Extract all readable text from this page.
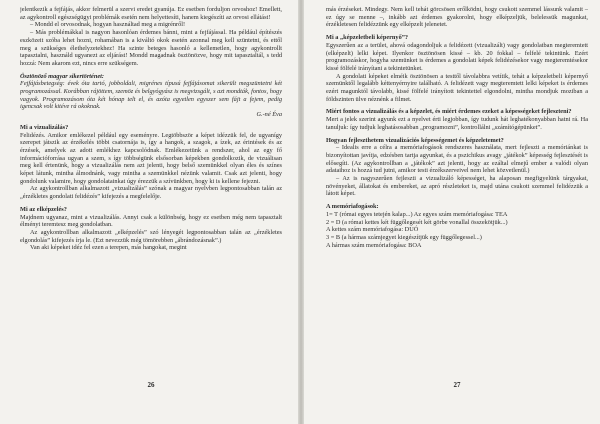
jelentkezik a fejfájás, akkor felmerül a szervi eredet gyanúja. Ez esetben forduljon orvoshoz! Emellett, az agykontroll egészségügyi problémák esetén nem helyettesíti, hanem kiegészíti az orvosi ellátást!

– Mondd el orvosodnak, hogyan használtad meg a migrénről!

– Más problémákkal is nagyon hasonlóan érdemes bánni, mint a fejfájással. Ha például építészés eszközeit szóba lehet hozni, rohamában is a kiváltó okok esetén azonnal meg kell szüntetni, és ettől meg a szükséges élethelyzetekhez! Ha szinte beteges hasonló a kellemetlen, hogy agykontrollt tapasztalni, használd ugyanezt az eljárást! Mondd magadnak ösztönözve, hogy mit tapasztaltál, s tedd hozzá: Nem akarom ezt, nincs erre szükségem.

Ösztönöző magyar sikertörténet:

Fejfájásbetegség: évek óta tartó, jobboldali, migrénes típusú fejfájásomat sikerült megszüntetni két programozással. Korábban rájöttem, szemöz és belgyógyász is megvizsgált, s azt mondták, fontos, hogy vagyok. Programozásom óta két hónap telt el, és azóta egyetlen egyszer sem fájt a fejem, pedig igencsak volt kitéve rá okoknak.

G.-né Éva

Mi a vizualizálás?

Felidézés. Amikor emlékezel például egy eseményre. Legtöbbször a képet idézzük fel, de ugyanígy szerepet játszik az érzékelés többi csatornája is, így a hangok, a szagok, a ízek, az érintések és az érzések, amelyek az adott emlékhez kapcsolódnak. Emlékezetünk a rendszer, ahol az egy fő információforrása ugyan a szem, s így többségünk elsősorban képekben gondolkozik, de vizuálisan meg kell értenünk, hogy a vizualizálás nem azt jelenti, hogy belső szemünkkel olyan éles és színes képet látunk, mintha álmodnánk, vagy mintha a szemünkkel nézünk valamit. Csak azt jelenti, hogy gondolunk valamire, hogy gondolatainkat úgy érezzük a szívünkben, hogy ki is kellene fejezni.

Az agykontrollban alkalmazott „vizualizálás” szónak a magyar nyelvben legpontosabban talán az „érzékletes gondolati felidézés” kifejezés a megfelelője.

Mi az elképzelés?

Majdnem ugyanaz, mint a vizualizálás. Annyi csak a különbség, hogy ez esetben még nem tapasztalt élményt teremtesz meg gondolatban.

Az agykontrollban alkalmazott „elképzelés” szó lényegét legpontosabban talán az „érzékletes elgondolás” kifejezés írja le. (Ezt nevezzük még tömörebben „ábrándozásnak”.)

Van aki képeket idéz fel ezen a terepen, más hangokat, megint

26

más érzéseket. Mindegy. Nem kell tehát görcsösen erőlködni, hogy csukott szemmel lássunk valamit – ez úgy se menne –, inkább azt érdemes gyakorolni, hogy elképzeljük, belelessük magunkat, érzékletesen felidézzünk egy elképzelt jelenetet.

Mi a „képzeletbeli képernyő”?

Egyszerűen az a terület, ahová odagondoljuk a felidézett (vizualizált) vagy gondolatban megteremtett (elképzelt) lelki képet. Ilyenkor ösztönösen kissé – kb. 20 fokkal – felfelé tekintünk. Ezért programozáskor, hogyha szemünket is érdemes a gondolati képek felidézésekor vagy megteremtésekor kissé fölfelé irányítani a tekintetünket.

A gondolati képeket elméik ösztönösen a testtől távolabbra vetítik, tehát a képzeletbeli képernyő szemünktől legalább kéttenyérnyire található. A felidézett vagy megteremtett lelki képeket is érdemes ezért magunktól távolabb, kissé fölfelé irányított tekintettel elgondolni, mintha mondjuk moziban a földszinten ülve néznénk a filmet.

Miért fontos a vizualizálás és a képzelet, és miért érdemes ezeket a képességeket fejleszteni?

Mert a jelek szerint agyunk ezt a nyelvet érti legjobban, így tudunk hát leghatékonyabban hatni rá. Ha tanuljuk: így tudjuk leghatásosabban „programozni”, kontrollálni „számítógépünket”.

Hogyan fejleszthetem vizualizációs képességemet és képzeletemet?

– Idealis erre a célra a memóriafogások rendszeres használata, mert fejleszti a memóriánkat is bizonyítottan javítja, edzésben tartja agyunkat, és a pszichikus avagy „játékok” képesség fejlesztését is elősegíti. (Az agykontrollban a „játékok” azt jelenti, hogy az ezáltal elmejű ember a valódi olyan adataihoz is hozzá tud jutni, amikor testi érzékszerveivel nem lehet közvetlenül.)

– Az is nagyszerűen fejleszti a vizualizáló képességet, ha alaposan megfigyelünk tárgyakat, növényeket, állatokat és embereket, az apró részleteket is, majd utána csukott szemmel felidézzük a látott képet.

A memóriafogások:

1= T (római egyes tetején kalap...) Az egyes szám memóriafogása: TEA

2 = D (a római kettes két függőlegesét két görbe vonallal összekötjük...)

A kettes szám memóriafogása: DUÓ

3 = B (a hármas számjegyet kiegészítjük egy függőlegessel...)

A hármas szám memóriafogása: BOA

27
